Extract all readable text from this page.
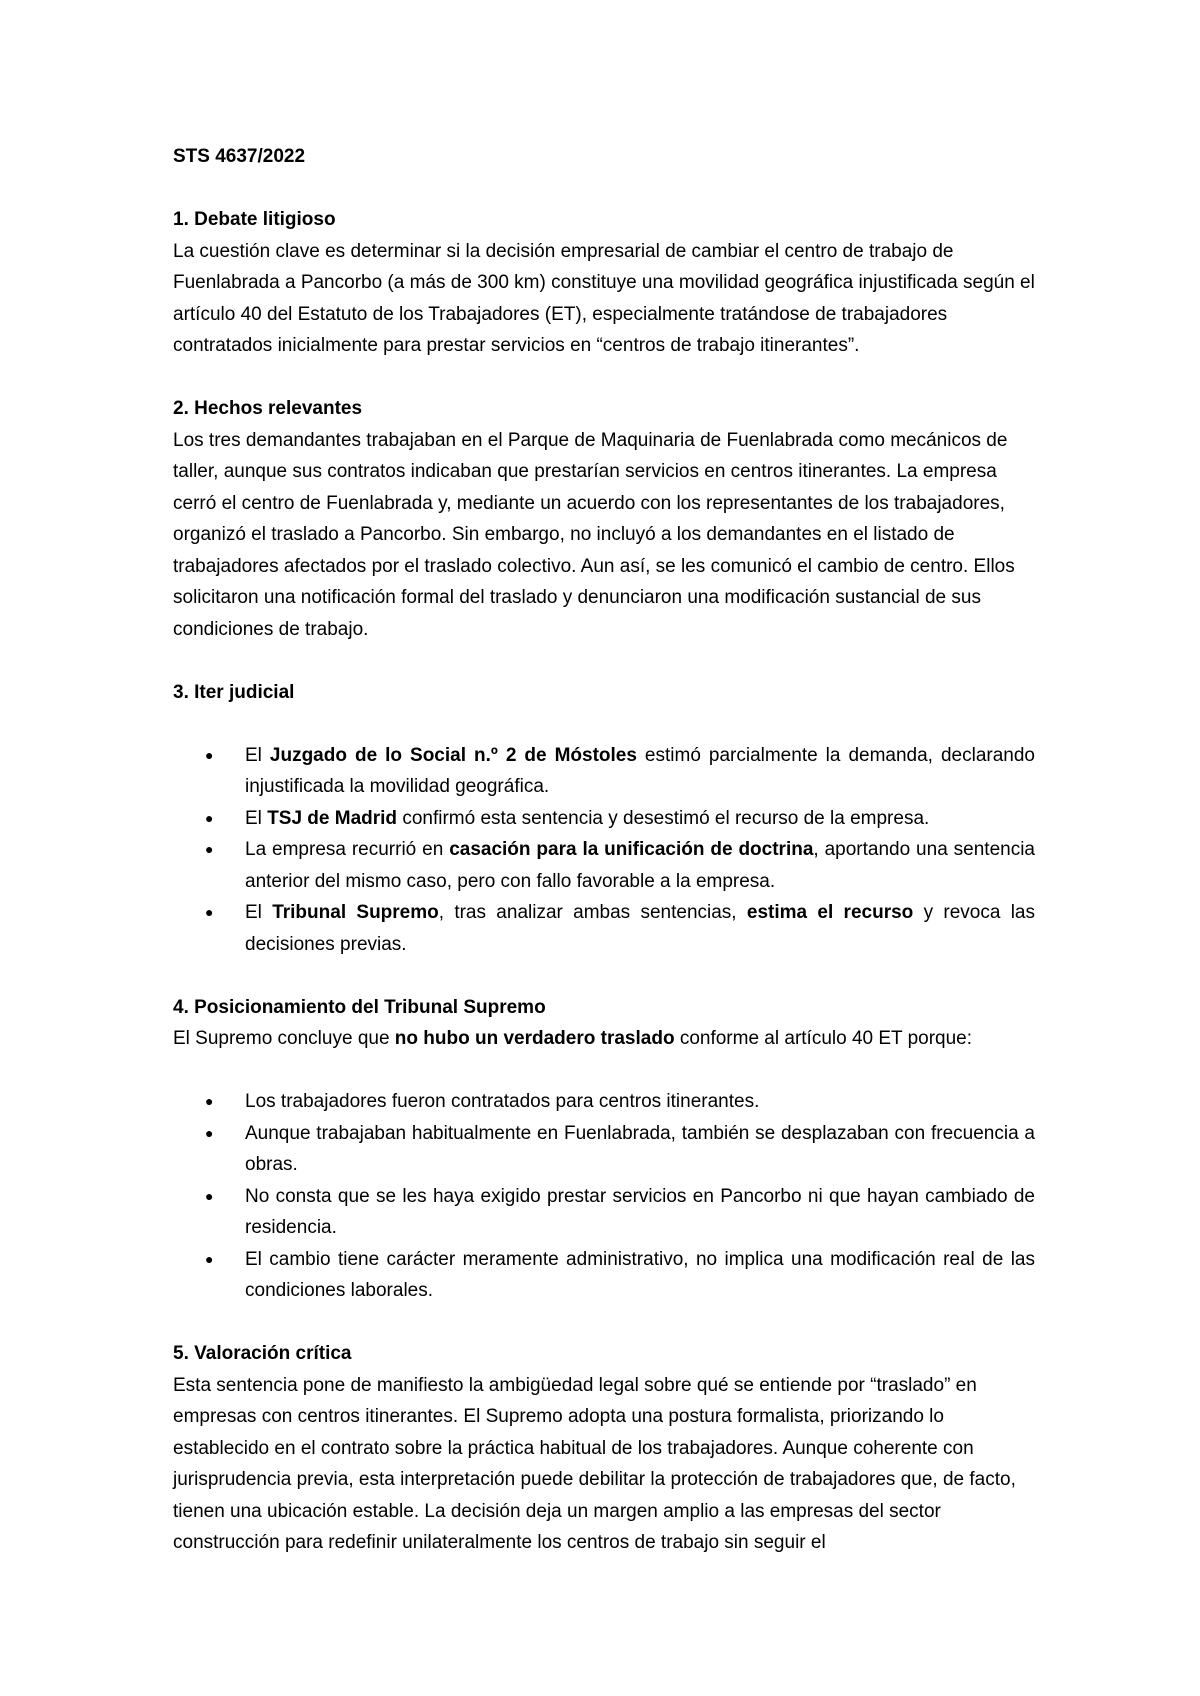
STS 4637/2022

1. Debate litigioso

La cuestión clave es determinar si la decisión empresarial de cambiar el centro de trabajo de Fuenlabrada a Pancorbo (a más de 300 km) constituye una movilidad geográfica injustificada según el artículo 40 del Estatuto de los Trabajadores (ET), especialmente tratándose de trabajadores contratados inicialmente para prestar servicios en “centros de trabajo itinerantes”.

2. Hechos relevantes

Los tres demandantes trabajaban en el Parque de Maquinaria de Fuenlabrada como mecánicos de taller, aunque sus contratos indicaban que prestarían servicios en centros itinerantes. La empresa cerró el centro de Fuenlabrada y, mediante un acuerdo con los representantes de los trabajadores, organizó el traslado a Pancorbo. Sin embargo, no incluyó a los demandantes en el listado de trabajadores afectados por el traslado colectivo. Aun así, se les comunicó el cambio de centro. Ellos solicitaron una notificación formal del traslado y denunciaron una modificación sustancial de sus condiciones de trabajo.

3. Iter judicial

● El Juzgado de lo Social n.º 2 de Móstoles estimó parcialmente la demanda, declarando injustificada la movilidad geográfica.
● El TSJ de Madrid confirmó esta sentencia y desestimó el recurso de la empresa.
● La empresa recurrió en casación para la unificación de doctrina, aportando una sentencia anterior del mismo caso, pero con fallo favorable a la empresa.
● El Tribunal Supremo, tras analizar ambas sentencias, estima el recurso y revoca las decisiones previas.

4. Posicionamiento del Tribunal Supremo

El Supremo concluye que no hubo un verdadero traslado conforme al artículo 40 ET porque:

● Los trabajadores fueron contratados para centros itinerantes.
● Aunque trabajaban habitualmente en Fuenlabrada, también se desplazaban con frecuencia a obras.
● No consta que se les haya exigido prestar servicios en Pancorbo ni que hayan cambiado de residencia.
● El cambio tiene carácter meramente administrativo, no implica una modificación real de las condiciones laborales.

5. Valoración crítica

Esta sentencia pone de manifiesto la ambigüedad legal sobre qué se entiende por “traslado” en empresas con centros itinerantes. El Supremo adopta una postura formalista, priorizando lo establecido en el contrato sobre la práctica habitual de los trabajadores. Aunque coherente con jurisprudencia previa, esta interpretación puede debilitar la protección de trabajadores que, de facto, tienen una ubicación estable. La decisión deja un margen amplio a las empresas del sector construcción para redefinir unilateralmente los centros de trabajo sin seguir el
